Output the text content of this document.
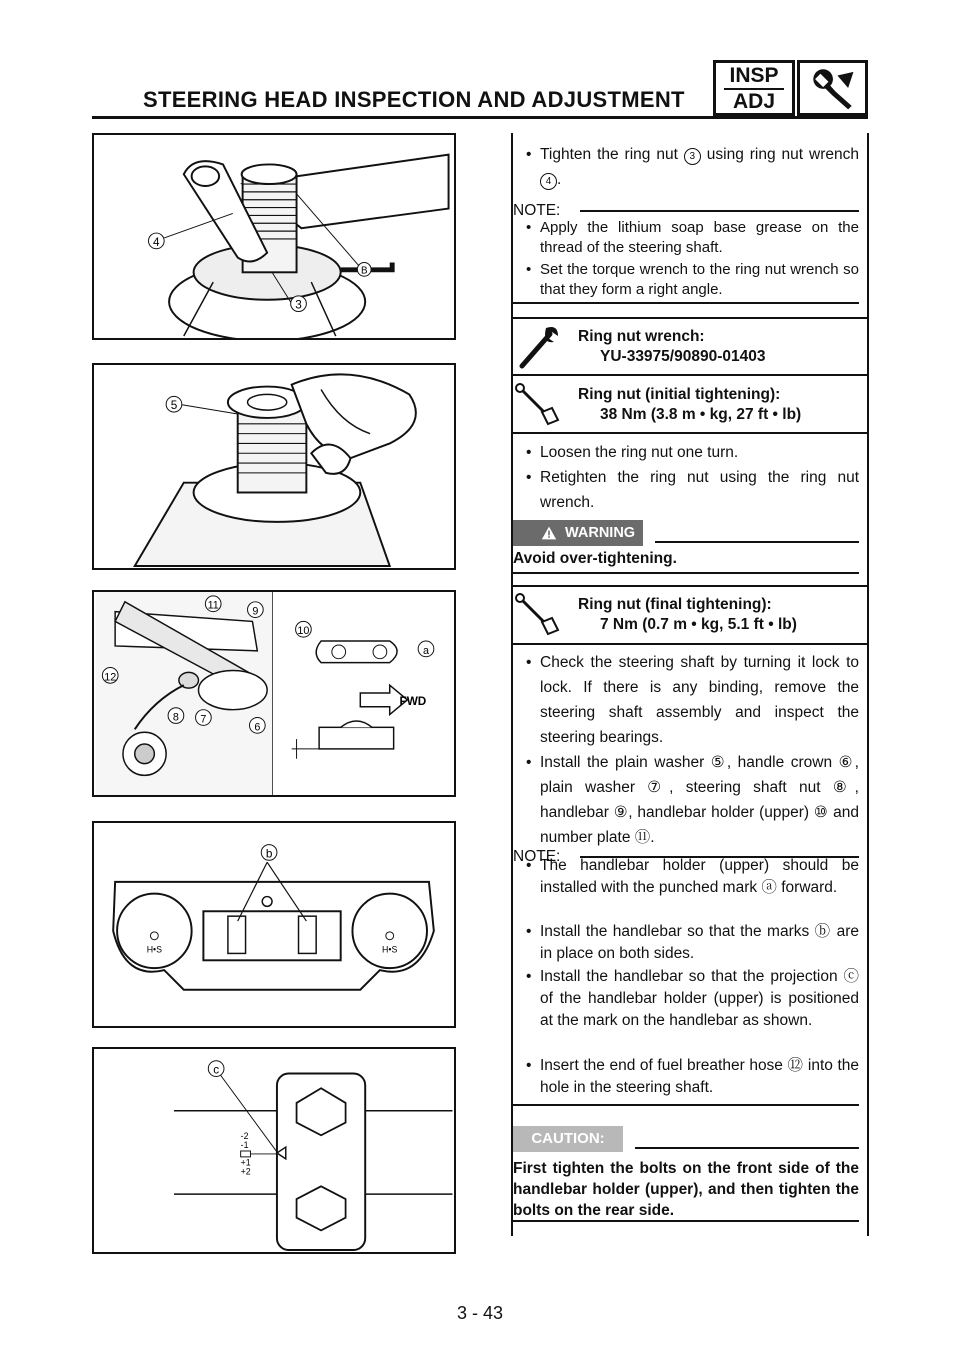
STEERING HEAD INSPECTION AND ADJUSTMENT
INSP
ADJ
B
4
3
5
11	9
12
8 7
6
10
a
FWD
b
H•S	H•S
-2
-1
+1
+2
c
• Tighten the ring nut 3 using ring nut wrench 4 .
NOTE:
• Apply the lithium soap base grease on the thread of the steering shaft.
• Set the torque wrench to the ring nut wrench so that they form a right angle.
Ring nut wrench:
YU-33975/90890-01403
Ring nut (initial tightening):
38 Nm (3.8 m • kg, 27 ft • lb)
• Loosen the ring nut one turn.
• Retighten the ring nut using the ring nut wrench.
WARNING
Avoid over-tightening.
Ring nut (final tightening):
7 Nm (0.7 m • kg, 5.1 ft • lb)
• Check the steering shaft by turning it lock to lock. If there is any binding, remove the steering shaft assembly and inspect the steering bearings.
• Install the plain washer ⑤, handle crown ⑥, plain washer ⑦, steering shaft nut ⑧, handlebar ⑨, handlebar holder (upper) ⑩ and number plate ⑪.
NOTE:
• The handlebar holder (upper) should be installed with the punched mark ⓐ forward.
• Install the handlebar so that the marks ⓑ are in place on both sides.
• Install the handlebar so that the projection ⓒ of the handlebar holder (upper) is positioned at the mark on the handlebar as shown.
• Insert the end of fuel breather hose ⑫ into the hole in the steering shaft.
CAUTION:
First tighten the bolts on the front side of the handlebar holder (upper), and then tighten the bolts on the rear side.
3 - 43
